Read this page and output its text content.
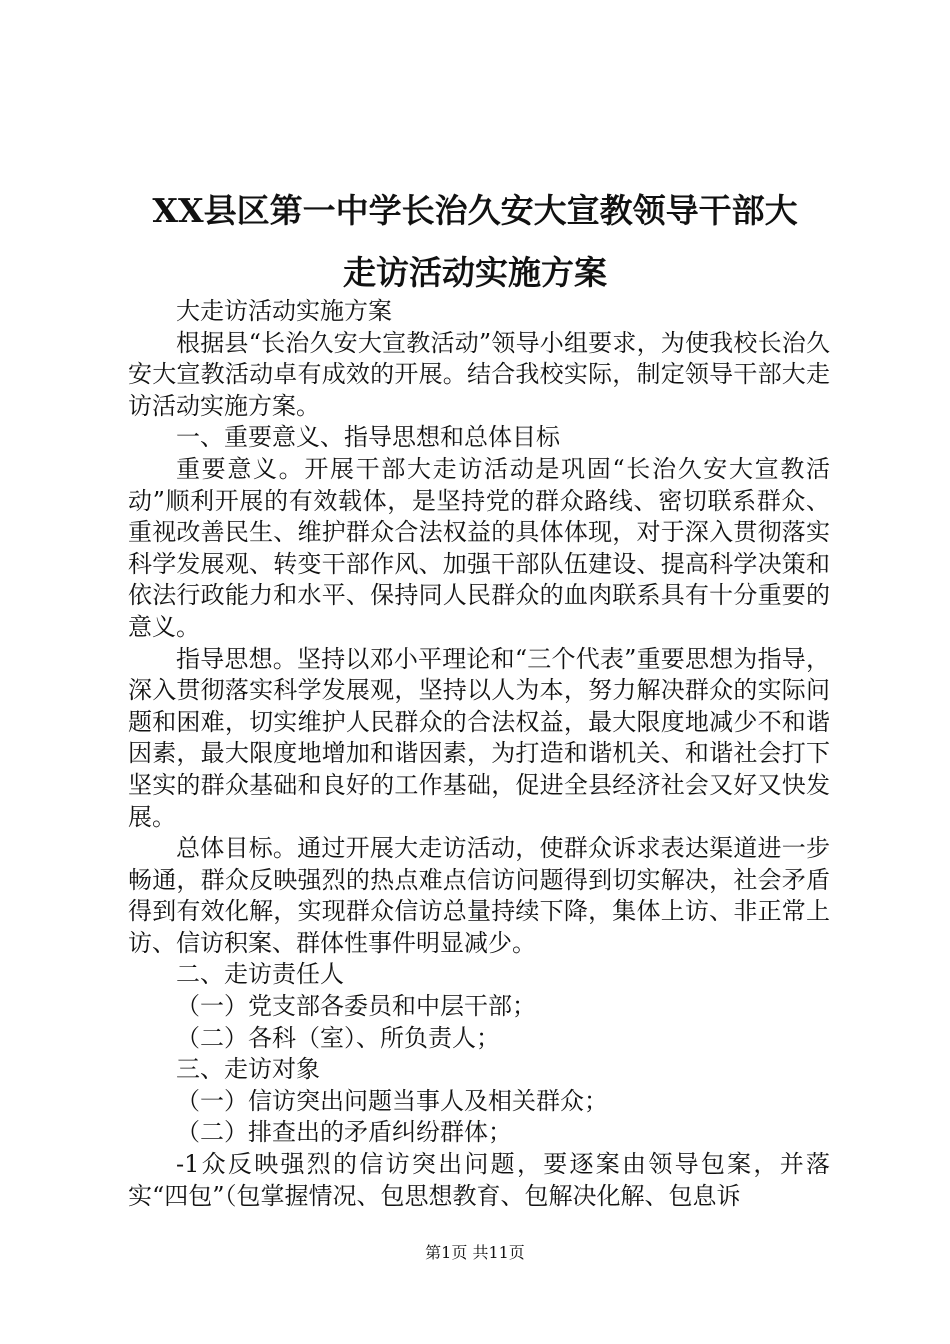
XX县区第一中学长治久安大宣教领导干部大
走访活动实施方案

大走访活动实施方案

根据县“长治久安大宣教活动”领导小组要求，为使我校长治久安大宣教活动卓有成效的开展。结合我校实际，制定领导干部大走访活动实施方案。

一、重要意义、指导思想和总体目标

重要意义。开展干部大走访活动是巩固“长治久安大宣教活动”顺利开展的有效载体，是坚持党的群众路线、密切联系群众、重视改善民生、维护群众合法权益的具体体现，对于深入贯彻落实科学发展观、转变干部作风、加强干部队伍建设、提高科学决策和依法行政能力和水平、保持同人民群众的血肉联系具有十分重要的意义。

指导思想。坚持以邓小平理论和“三个代表”重要思想为指导，深入贯彻落实科学发展观，坚持以人为本，努力解决群众的实际问题和困难，切实维护人民群众的合法权益，最大限度地减少不和谐因素，最大限度地增加和谐因素，为打造和谐机关、和谐社会打下坚实的群众基础和良好的工作基础，促进全县经济社会又好又快发展。

总体目标。通过开展大走访活动，使群众诉求表达渠道进一步畅通，群众反映强烈的热点难点信访问题得到切实解决，社会矛盾得到有效化解，实现群众信访总量持续下降，集体上访、非正常上访、信访积案、群体性事件明显减少。

二、走访责任人

（一）党支部各委员和中层干部；

（二）各科（室）、所负责人；

三、走访对象

（一）信访突出问题当事人及相关群众；

（二）排查出的矛盾纠纷群体；

-1众反映强烈的信访突出问题，要逐案由领导包案，并落实“四包”（包掌握情况、包思想教育、包解决化解、包息诉

第1页 共11页
